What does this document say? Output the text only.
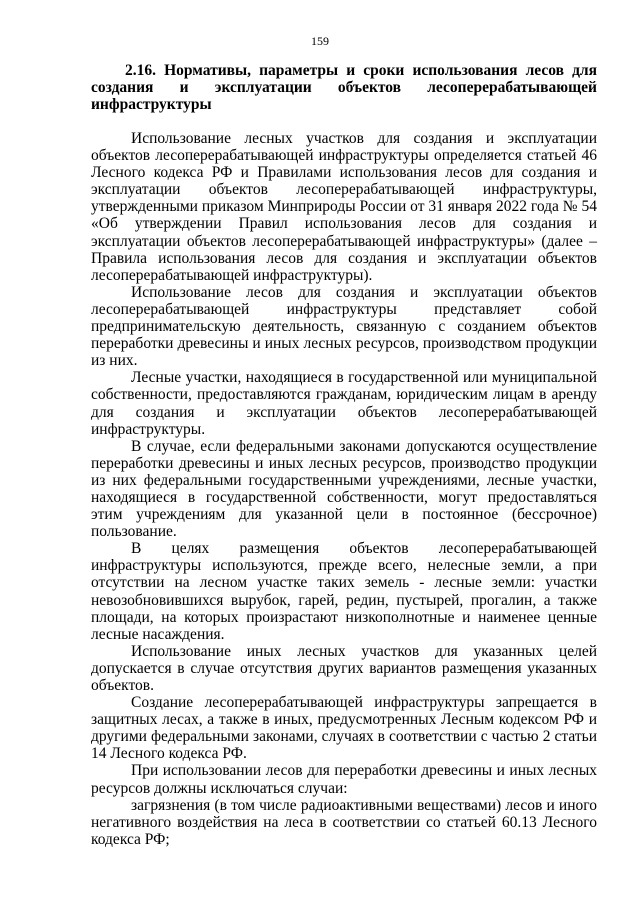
159
2.16. Нормативы, параметры и сроки использования лесов для создания и эксплуатации объектов лесоперерабатывающей инфраструктуры

Использование лесных участков для создания и эксплуатации объектов лесоперерабатывающей инфраструктуры определяется статьей 46 Лесного кодекса РФ и Правилами использования лесов для создания и эксплуатации объектов лесоперерабатывающей инфраструктуры, утвержденными приказом Минприроды России от 31 января 2022 года № 54 «Об утверждении Правил использования лесов для создания и эксплуатации объектов лесоперерабатывающей инфраструктуры» (далее – Правила использования лесов для создания и эксплуатации объектов лесоперерабатывающей инфраструктуры).

Использование лесов для создания и эксплуатации объектов лесоперерабатывающей инфраструктуры представляет собой предпринимательскую деятельность, связанную с созданием объектов переработки древесины и иных лесных ресурсов, производством продукции из них.

Лесные участки, находящиеся в государственной или муниципальной собственности, предоставляются гражданам, юридическим лицам в аренду для создания и эксплуатации объектов лесоперерабатывающей инфраструктуры.

В случае, если федеральными законами допускаются осуществление переработки древесины и иных лесных ресурсов, производство продукции из них федеральными государственными учреждениями, лесные участки, находящиеся в государственной собственности, могут предоставляться этим учреждениям для указанной цели в постоянное (бессрочное) пользование.

В целях размещения объектов лесоперерабатывающей инфраструктуры используются, прежде всего, нелесные земли, а при отсутствии на лесном участке таких земель - лесные земли: участки невозобновившихся вырубок, гарей, редин, пустырей, прогалин, а также площади, на которых произрастают низкополнотные и наименее ценные лесные насаждения.

Использование иных лесных участков для указанных целей допускается в случае отсутствия других вариантов размещения указанных объектов.

Создание лесоперерабатывающей инфраструктуры запрещается в защитных лесах, а также в иных, предусмотренных Лесным кодексом РФ и другими федеральными законами, случаях в соответствии с частью 2 статьи 14 Лесного кодекса РФ.

При использовании лесов для переработки древесины и иных лесных ресурсов должны исключаться случаи:

загрязнения (в том числе радиоактивными веществами) лесов и иного негативного воздействия на леса в соответствии со статьей 60.13 Лесного кодекса РФ;
